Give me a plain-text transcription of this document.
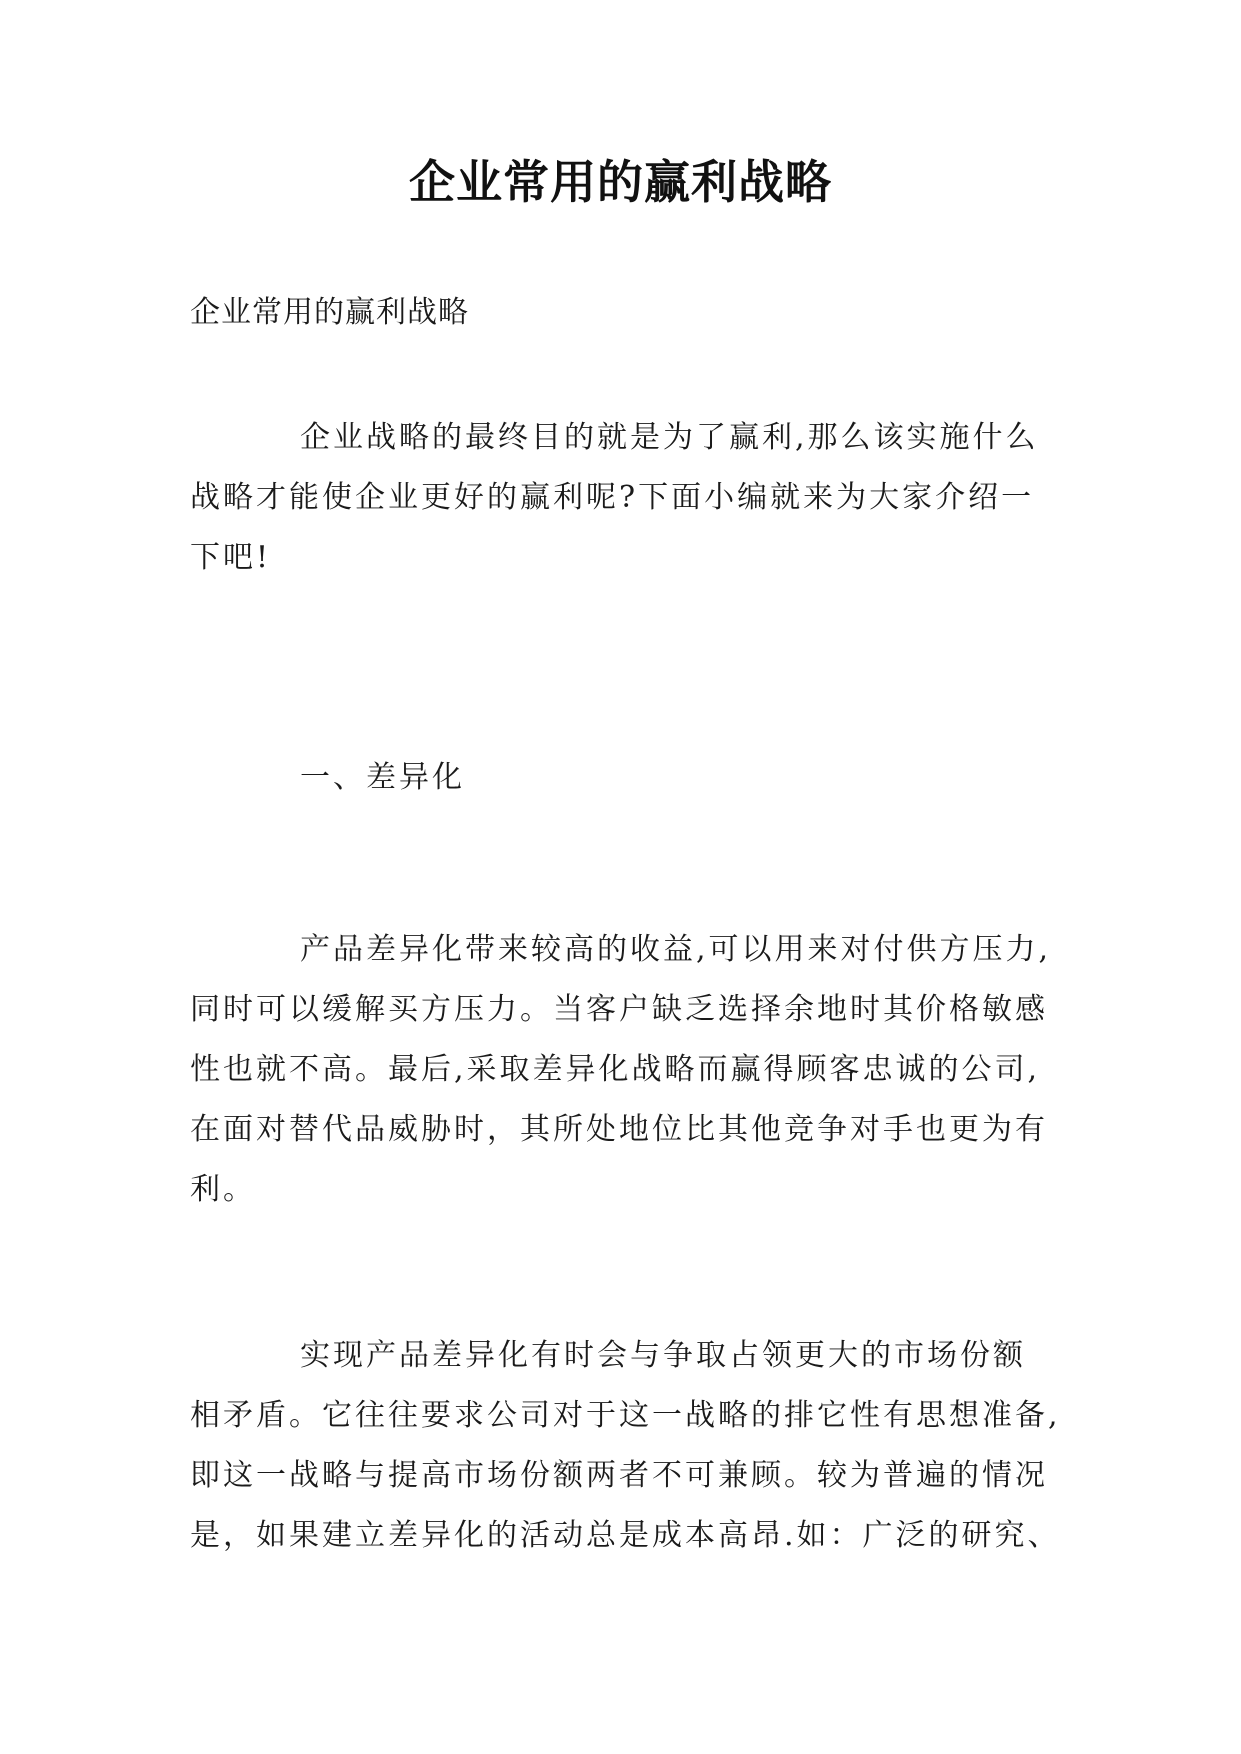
企业常用的赢利战略
企业常用的赢利战略
企业战略的最终目的就是为了赢利,那么该实施什么
战略才能使企业更好的赢利呢?下面小编就来为大家介绍一
下吧!
一、差异化
产品差异化带来较高的收益,可以用来对付供方压力,
同时可以缓解买方压力。当客户缺乏选择余地时其价格敏感
性也就不高。最后,采取差异化战略而赢得顾客忠诚的公司,
在面对替代品威胁时，其所处地位比其他竞争对手也更为有
利。
实现产品差异化有时会与争取占领更大的市场份额
相矛盾。它往往要求公司对于这一战略的排它性有思想准备,
即这一战略与提高市场份额两者不可兼顾。较为普遍的情况
是，如果建立差异化的活动总是成本高昂.如：广泛的研究、
